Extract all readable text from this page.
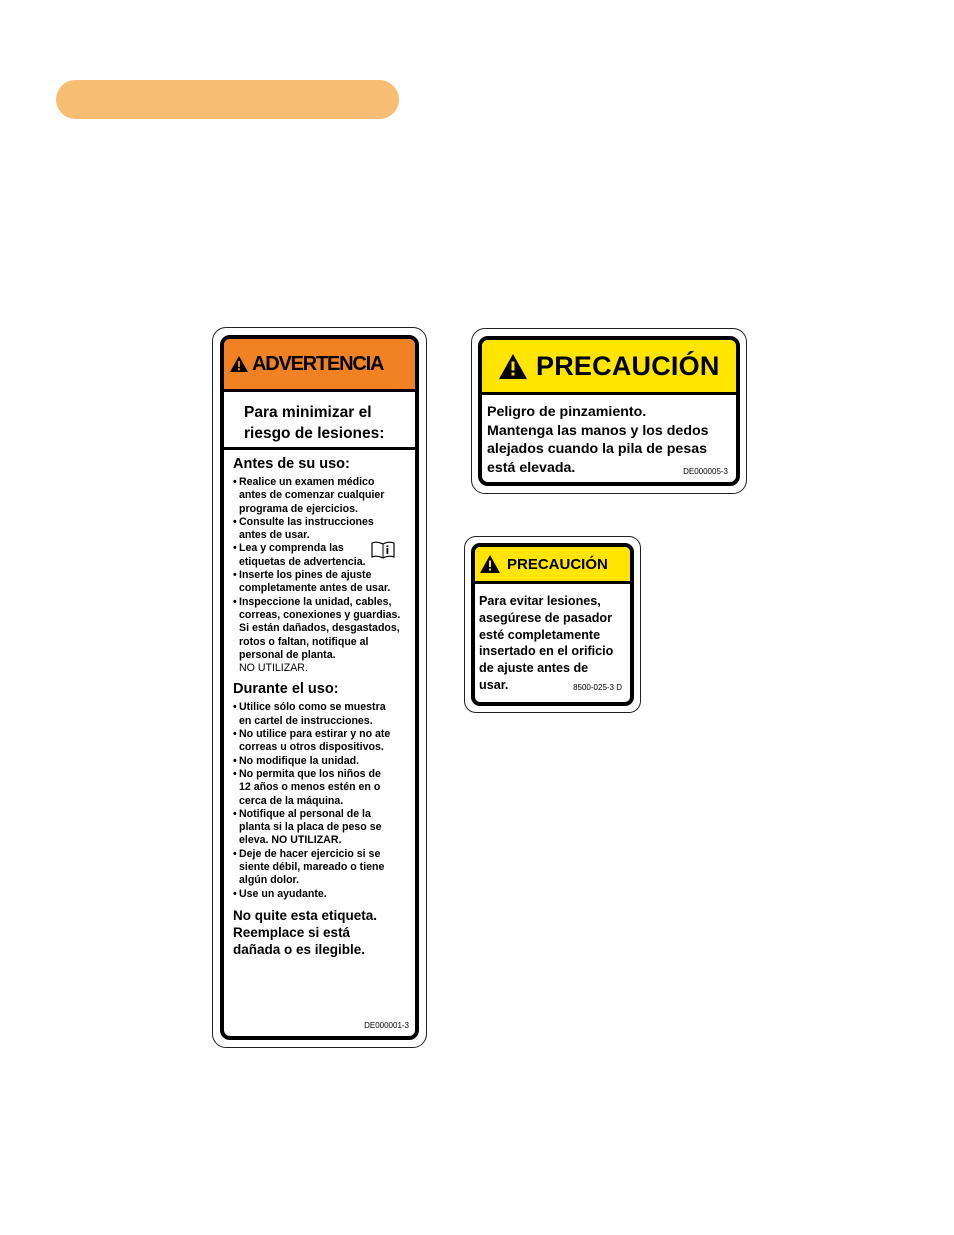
ADVERTENCIA
Para minimizar el
riesgo de lesiones:
Antes de su uso:
• Realice un examen médico
antes de comenzar cualquier
programa de ejercicios.
• Consulte las instrucciones
antes de usar.
• Lea y comprenda las
etiquetas de advertencia.
• Inserte los pines de ajuste
completamente antes de usar.
• Inspeccione la unidad, cables,
correas, conexiones y guardias.
Si están dañados, desgastados,
rotos o faltan, notifique al
personal de planta.
NO UTILIZAR.
Durante el uso:
• Utilice sólo como se muestra
en cartel de instrucciones.
• No utilice para estirar y no ate
correas u otros dispositivos.
• No modifique la unidad.
• No permita que los niños de
12 años o menos estén en o
cerca de la máquina.
• Notifique al personal de la
planta si la placa de peso se
eleva. NO UTILIZAR.
• Deje de hacer ejercicio si se
siente débil, mareado o tiene
algún dolor.
• Use un ayudante.
No quite esta etiqueta.
Reemplace si está
dañada o es ilegible.
DE000001-3
PRECAUCIÓN
Peligro de pinzamiento.
Mantenga las manos y los dedos
alejados cuando la pila de pesas
está elevada.	DE000005-3
PRECAUCIÓN
Para evitar lesiones,
asegúrese de pasador
esté completamente
insertado en el orificio
de ajuste antes de
usar.	8500-025-3 D
